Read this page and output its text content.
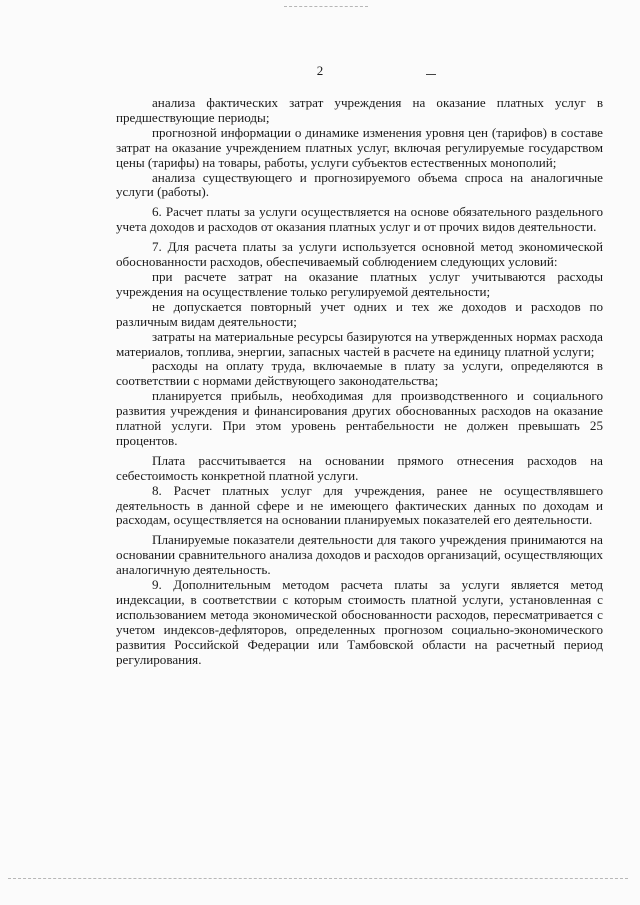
2

анализа фактических затрат учреждения на оказание платных услуг в предшествующие периоды;

прогнозной информации о динамике изменения уровня цен (тарифов) в составе затрат на оказание учреждением платных услуг, включая регулируемые государством цены (тарифы) на товары, работы, услуги субъектов естественных монополий;

анализа существующего и прогнозируемого объема спроса на аналогичные услуги (работы).

6. Расчет платы за услуги осуществляется на основе обязательного раздельного учета доходов и расходов от оказания платных услуг и от прочих видов деятельности.

7. Для расчета платы за услуги используется основной метод экономической обоснованности расходов, обеспечиваемый соблюдением следующих условий:

при расчете затрат на оказание платных услуг учитываются расходы учреждения на осуществление только регулируемой деятельности;

не допускается повторный учет одних и тех же доходов и расходов по различным видам деятельности;

затраты на материальные ресурсы базируются на утвержденных нормах расхода материалов, топлива, энергии, запасных частей в расчете на единицу платной услуги;

расходы на оплату труда, включаемые в плату за услуги, определяются в соответствии с нормами действующего законодательства;

планируется прибыль, необходимая для производственного и социального развития учреждения и финансирования других обоснованных расходов на оказание платной услуги. При этом уровень рентабельности не должен превышать 25 процентов.

Плата рассчитывается на основании прямого отнесения расходов на себестоимость конкретной платной услуги.

8. Расчет платных услуг для учреждения, ранее не осуществлявшего деятельность в данной сфере и не имеющего фактических данных по доходам и расходам, осуществляется на основании планируемых показателей его деятельности.

Планируемые показатели деятельности для такого учреждения принимаются на основании сравнительного анализа доходов и расходов организаций, осуществляющих аналогичную деятельность.

9. Дополнительным методом расчета платы за услуги является метод индексации, в соответствии с которым стоимость платной услуги, установленная с использованием метода экономической обоснованности расходов, пересматривается с учетом индексов-дефляторов, определенных прогнозом социально-экономического развития Российской Федерации или Тамбовской области на расчетный период регулирования.
